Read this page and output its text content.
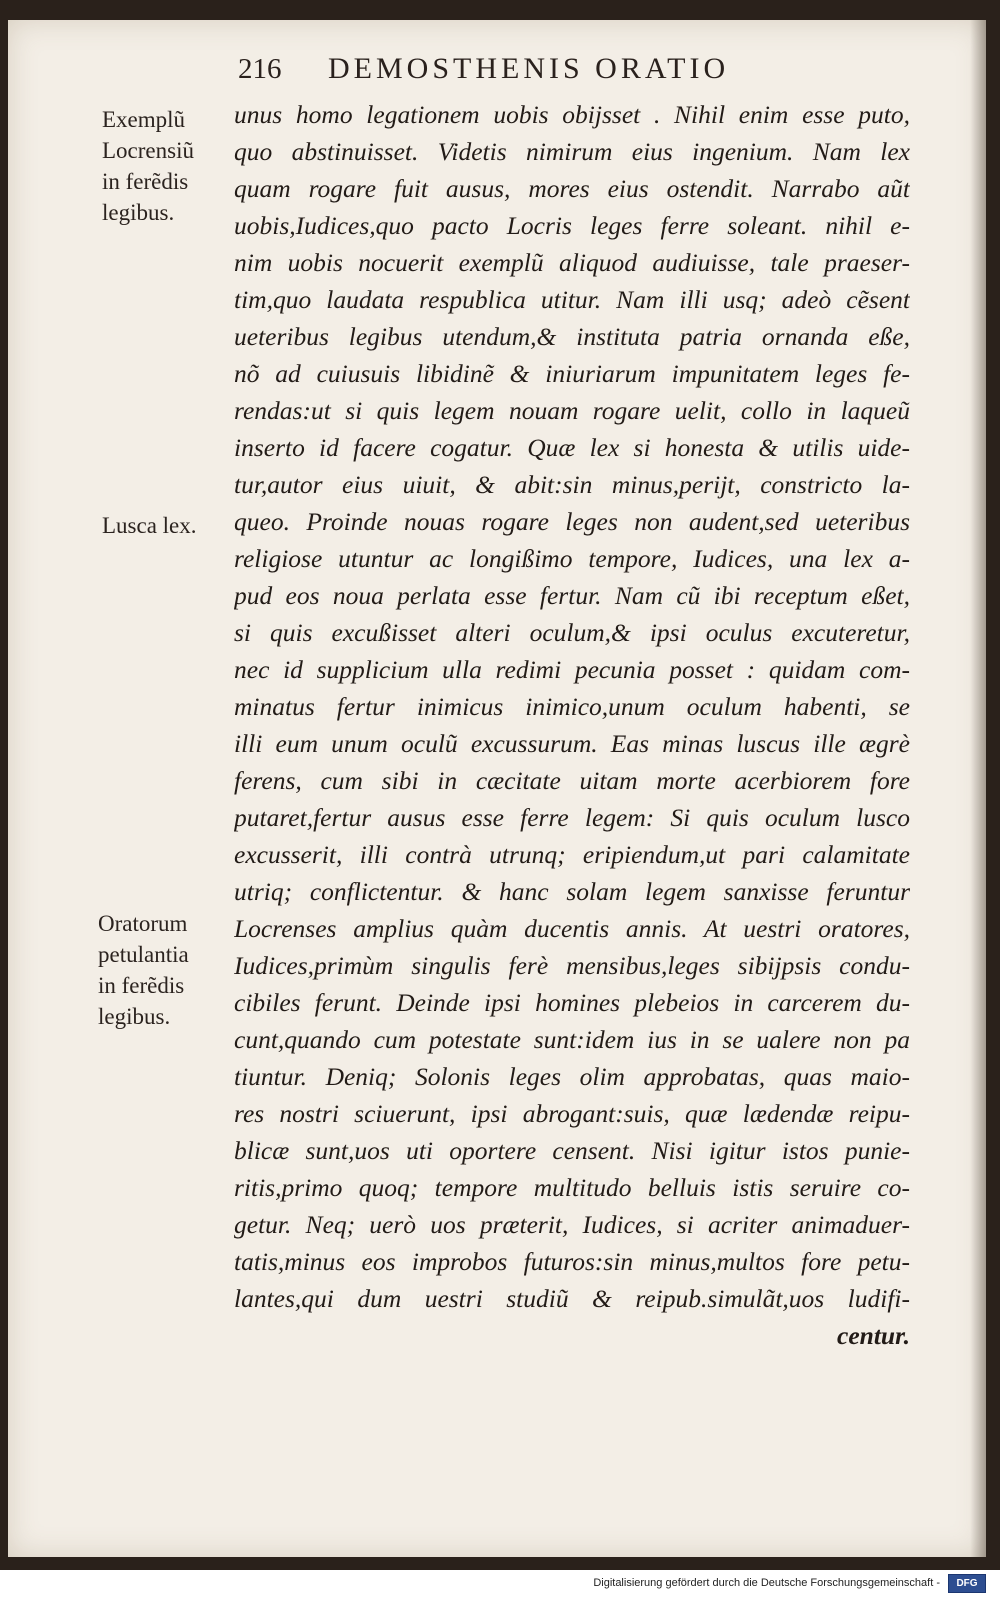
216	DEMOSTHENIS ORATIO
Exemplũ
Locrensiũ
in ferẽdis
legibus.
Lusca lex.
Oratorum
petulantia
in ferẽdis
legibus.
unus homo legationem uobis obijsset . Nihil enim esse puto,
quo abstinuisset. Videtis nimirum eius ingenium. Nam lex
quam rogare fuit ausus, mores eius ostendit. Narrabo aũt
uobis,Iudices,quo pacto Locris leges ferre soleant. nihil e-
nim uobis nocuerit exemplũ aliquod audiuisse, tale praeser-
tim,quo laudata respublica utitur. Nam illi usq; adeò cẽsent
ueteribus legibus utendum,& instituta patria ornanda eße,
nõ ad cuiusuis libidinẽ & iniuriarum impunitatem leges fe-
rendas:ut si quis legem nouam rogare uelit, collo in laqueũ
inserto id facere cogatur. Quæ lex si honesta & utilis uide-
tur,autor eius uiuit, & abit:sin minus,perijt, constricto la-
queo. Proinde nouas rogare leges non audent,sed ueteribus
religiose utuntur ac longißimo tempore, Iudices, una lex a-
pud eos noua perlata esse fertur. Nam cũ ibi receptum eßet,
si quis excußisset alteri oculum,& ipsi oculus excuteretur,
nec id supplicium ulla redimi pecunia posset : quidam com-
minatus fertur inimicus inimico,unum oculum habenti, se
illi eum unum oculũ excussurum. Eas minas luscus ille ægrè
ferens, cum sibi in cæcitate uitam morte acerbiorem fore
putaret,fertur ausus esse ferre legem: Si quis oculum lusco
excusserit, illi contrà utrunq; eripiendum,ut pari calamitate
utriq; conflictentur. & hanc solam legem sanxisse feruntur
Locrenses amplius quàm ducentis annis. At uestri oratores,
Iudices,primùm singulis ferè mensibus,leges sibijpsis condu-
cibiles ferunt. Deinde ipsi homines plebeios in carcerem du-
cunt,quando cum potestate sunt:idem ius in se ualere non pa
tiuntur. Deniq; Solonis leges olim approbatas, quas maio-
res nostri sciuerunt, ipsi abrogant:suis, quæ lædendæ reipu-
blicæ sunt,uos uti oportere censent. Nisi igitur istos punie-
ritis,primo quoq; tempore multitudo belluis istis seruire co-
getur. Neq; uerò uos præterit, Iudices, si acriter animaduer-
tatis,minus eos improbos futuros:sin minus,multos fore petu-
lantes,qui dum uestri studiũ & reipub.simulãt,uos ludifi-
centur.
Digitalisierung gefördert durch die Deutsche Forschungsgemeinschaft -	DFG
